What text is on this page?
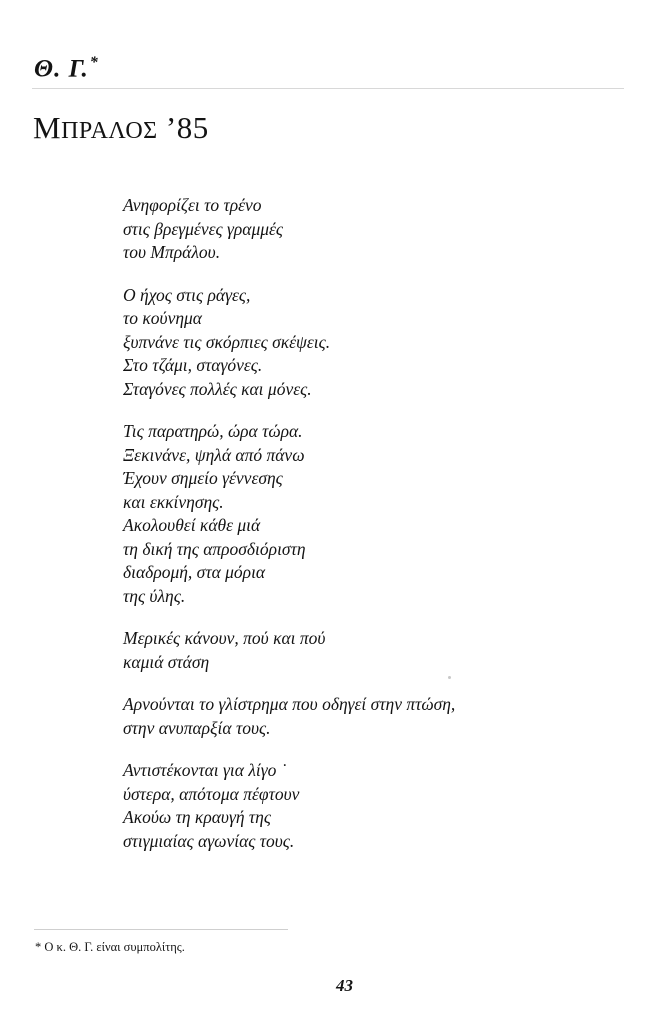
Θ. Γ.*
ΜΠΡΑΛΟΣ ’85
Ανηφορίζει το τρένο
στις βρεγμένες γραμμές
του Μπράλου.
Ο ήχος στις ράγες,
το κούνημα
ξυπνάνε τις σκόρπιες σκέψεις.
Στο τζάμι, σταγόνες.
Σταγόνες πολλές και μόνες.
Τις παρατηρώ, ώρα τώρα.
Ξεκινάνε, ψηλά από πάνω
Έχουν σημείο γέννεσης
και εκκίνησης.
Ακολουθεί κάθε μιά
τη δική της απροσδιόριστη
διαδρομή, στα μόρια
της ύλης.
Μερικές κάνουν, πού και πού
καμιά στάση
Αρνούνται το γλίστρημα που οδηγεί στην πτώση,
στην ανυπαρξία τους.
Αντιστέκονται για λίγο ˙
ύστερα, απότομα πέφτουν
Ακούω τη κραυγή της
στιγμιαίας αγωνίας τους.
* Ο κ. Θ. Γ. είναι συμπολίτης.
43
